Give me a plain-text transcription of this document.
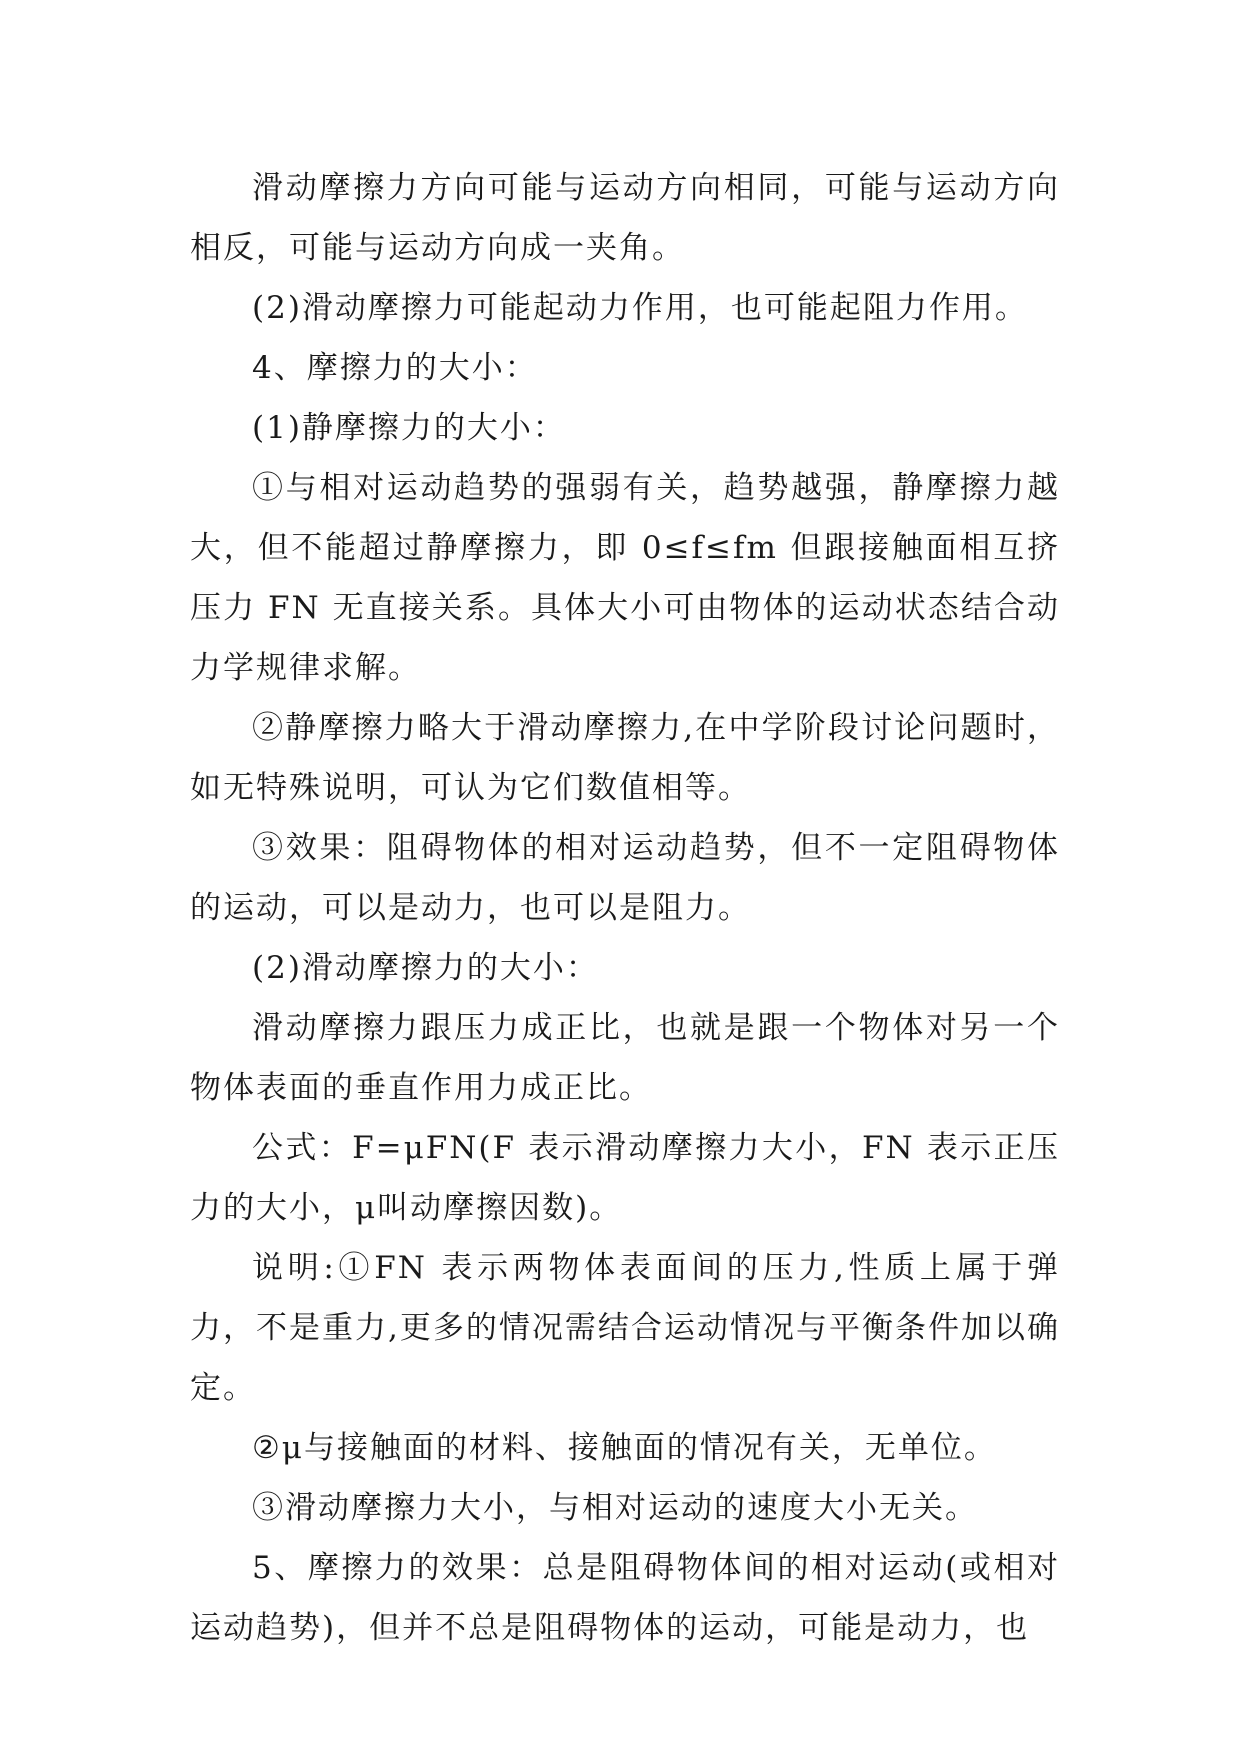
滑动摩擦力方向可能与运动方向相同，可能与运动方向相反，可能与运动方向成一夹角。

(2)滑动摩擦力可能起动力作用，也可能起阻力作用。

4、摩擦力的大小：

(1)静摩擦力的大小：

①与相对运动趋势的强弱有关，趋势越强，静摩擦力越大，但不能超过静摩擦力，即 0≤f≤fm 但跟接触面相互挤压力 FN 无直接关系。具体大小可由物体的运动状态结合动力学规律求解。

②静摩擦力略大于滑动摩擦力,在中学阶段讨论问题时，如无特殊说明，可认为它们数值相等。

③效果：阻碍物体的相对运动趋势，但不一定阻碍物体的运动，可以是动力，也可以是阻力。

(2)滑动摩擦力的大小：

滑动摩擦力跟压力成正比，也就是跟一个物体对另一个物体表面的垂直作用力成正比。

公式：F=μFN(F 表示滑动摩擦力大小，FN 表示正压力的大小，μ叫动摩擦因数)。

说明:①FN 表示两物体表面间的压力,性质上属于弹力，不是重力,更多的情况需结合运动情况与平衡条件加以确定。

②μ与接触面的材料、接触面的情况有关，无单位。

③滑动摩擦力大小，与相对运动的速度大小无关。

5、摩擦力的效果：总是阻碍物体间的相对运动(或相对运动趋势)，但并不总是阻碍物体的运动，可能是动力，也
